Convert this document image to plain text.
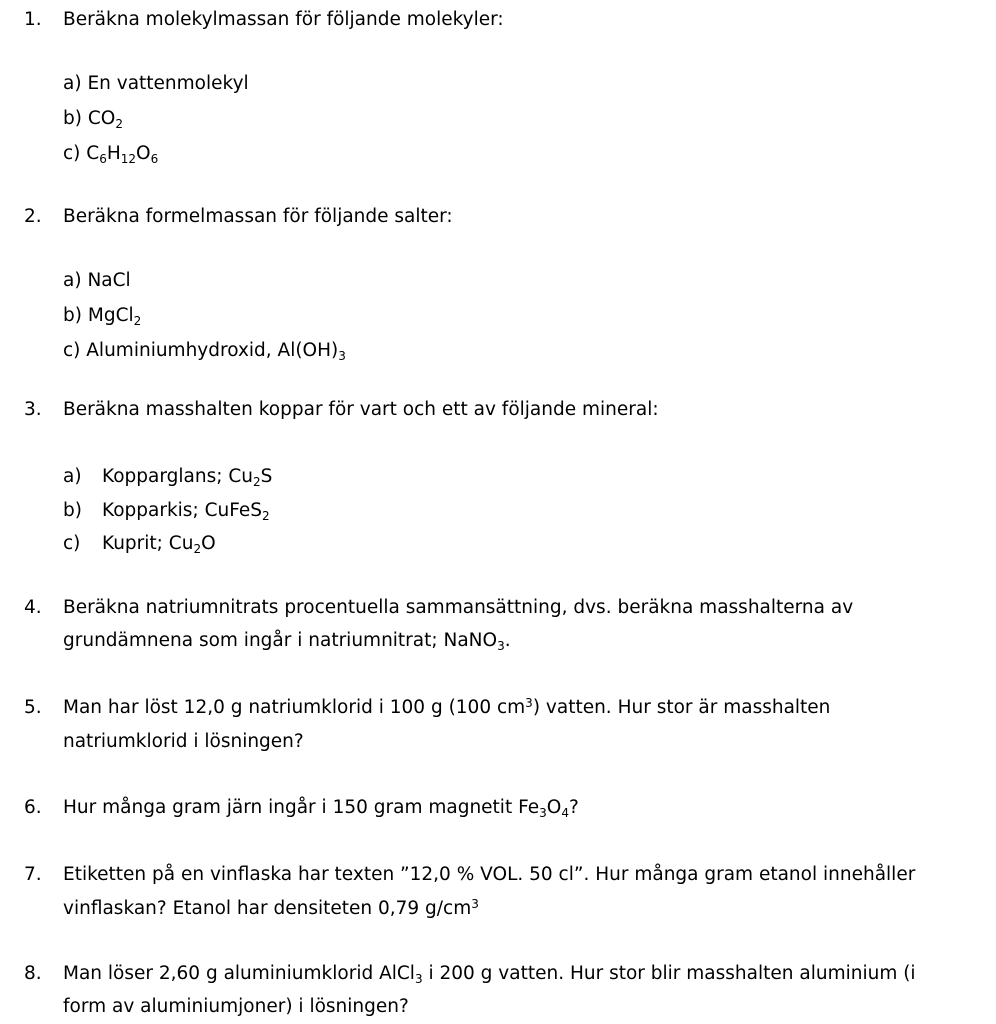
1. Beräkna molekylmassan för följande molekyler:
a) En vattenmolekyl
b) $CO_2$
c) $C_6H_{12}O_6$
2. Beräkna formelmassan för följande salter:
a) NaCl
b) MgCl$_2$
c) Aluminiumhydroxid, $Al(OH)_3$
3. Beräkna masshalten koppar för vart och ett av följande mineral:
a) Kopparglans; $Cu_2S$
b) Kopparkis; CuFeS$_2$
c) Kuprit; $Cu_2O$
4. Beräkna natriumnitrats procentuella sammansättning, dvs. beräkna masshalterna av
grundämnena som ingår i natriumnitrat; NaNO$_3$.
5. Man har löst 12,0 g natriumklorid i 100 g (100 $cm^3$) vatten. Hur stor är masshalten
natriumklorid i lösningen?
6. Hur många gram järn ingår i 150 gram magnetit $Fe_3O_4$?
7. Etiketten på en vinflaska har texten ”12,0 % VOL. 50 cl”. Hur många gram etanol innehåller
vinflaskan? Etanol har densiteten 0,79 $g/cm^3$
8. Man löser 2,60 g aluminiumklorid AlCl$_3$ i 200 g vatten. Hur stor blir masshalten aluminium (i
form av aluminiumjoner) i lösningen?
